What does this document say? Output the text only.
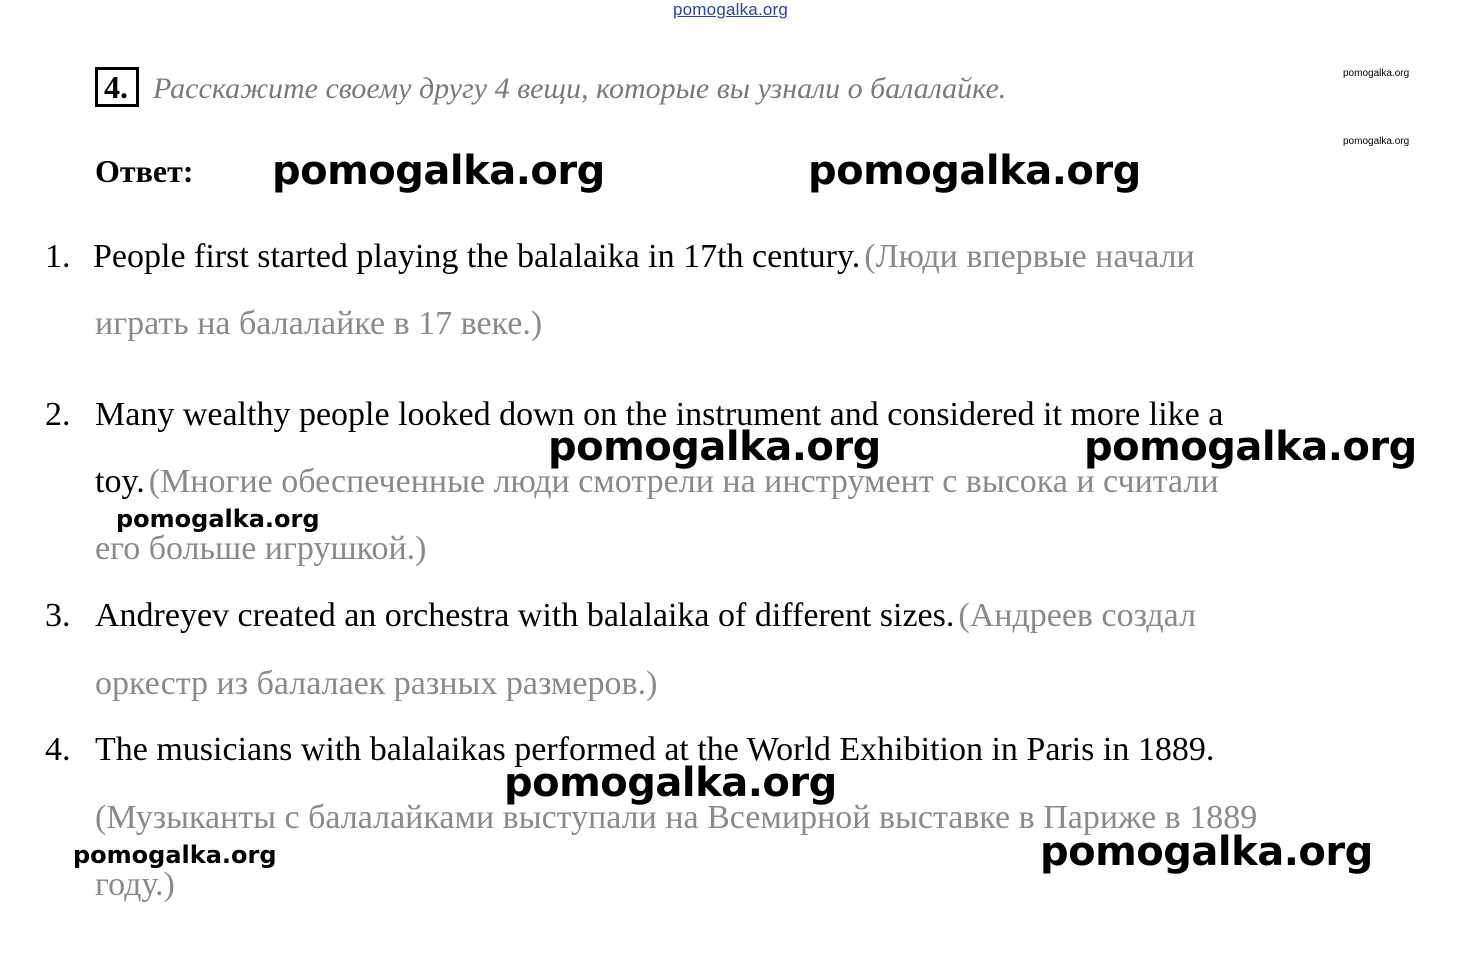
pomogalka.org
pomogalka.org
pomogalka.org
4. Расскажите своему другу 4 вещи, которые вы узнали о балалайке.
Ответ:
1. People first started playing the balalaika in 17th century. (Люди впервые начали
играть на балалайке в 17 веке.)
2. Many wealthy people looked down on the instrument and considered it more like a
toy. (Многие обеспеченные люди смотрели на инструмент с высока и считали
его больше игрушкой.)
3. Andreyev created an orchestra with balalaika of different sizes. (Андреев создал
оркестр из балалаек разных размеров.)
4. The musicians with balalaikas performed at the World Exhibition in Paris in 1889.
(Музыканты с балалайками выступали на Всемирной выставке в Париже в 1889
году.)
pomogalka.org	pomogalka.org
pomogalka.org	pomogalka.org
pomogalka.org
pomogalka.org
pomogalka.org
pomogalka.org
